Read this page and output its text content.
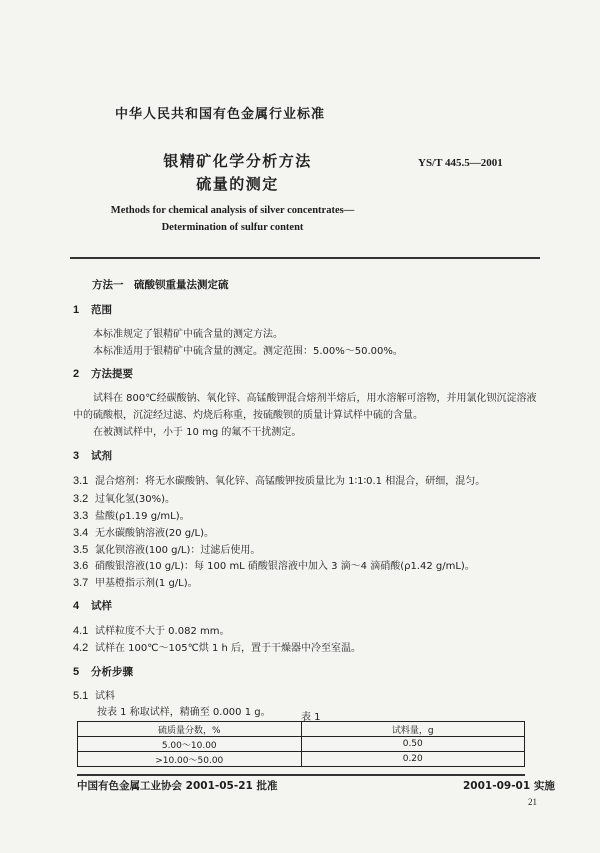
中华人民共和国有色金属行业标准
银精矿化学分析方法
硫量的测定
YS/T 445.5—2001
Methods for chemical analysis of silver concentrates—
Determination of sulfur content
方法一　硫酸钡重量法测定硫
1 范围
本标准规定了银精矿中硫含量的测定方法。
本标准适用于银精矿中硫含量的测定。测定范围：5.00%～50.00%。
2 方法提要
试料在 800℃经碳酸钠、氧化锌、高锰酸钾混合熔剂半熔后，用水溶解可溶物，并用氯化钡沉淀溶液
中的硫酸根，沉淀经过滤、灼烧后称重，按硫酸钡的质量计算试样中硫的含量。
在被测试样中，小于 10 mg 的氟不干扰测定。
3 试剂
3.1 混合熔剂：将无水碳酸钠、氧化锌、高锰酸钾按质量比为 1∶1∶0.1 相混合，研细，混匀。
3.2 过氧化氢(30%)。
3.3 盐酸(ρ1.19 g/mL)。
3.4 无水碳酸钠溶液(20 g/L)。
3.5 氯化钡溶液(100 g/L)：过滤后使用。
3.6 硝酸银溶液(10 g/L)：每 100 mL 硝酸银溶液中加入 3 滴～4 滴硝酸(ρ1.42 g/mL)。
3.7 甲基橙指示剂(1 g/L)。
4 试样
4.1 试样粒度不大于 0.082 mm。
4.2 试样在 100℃～105℃烘 1 h 后，置于干燥器中冷至室温。
5 分析步骤
5.1 试料
按表 1 称取试样，精确至 0.000 1 g。	表 1
硫质量分数，%	试料量，g
5.00～10.00	0.50
>10.00～50.00	0.20
中国有色金属工业协会 2001-05-21 批准	2001-09-01 实施
21
